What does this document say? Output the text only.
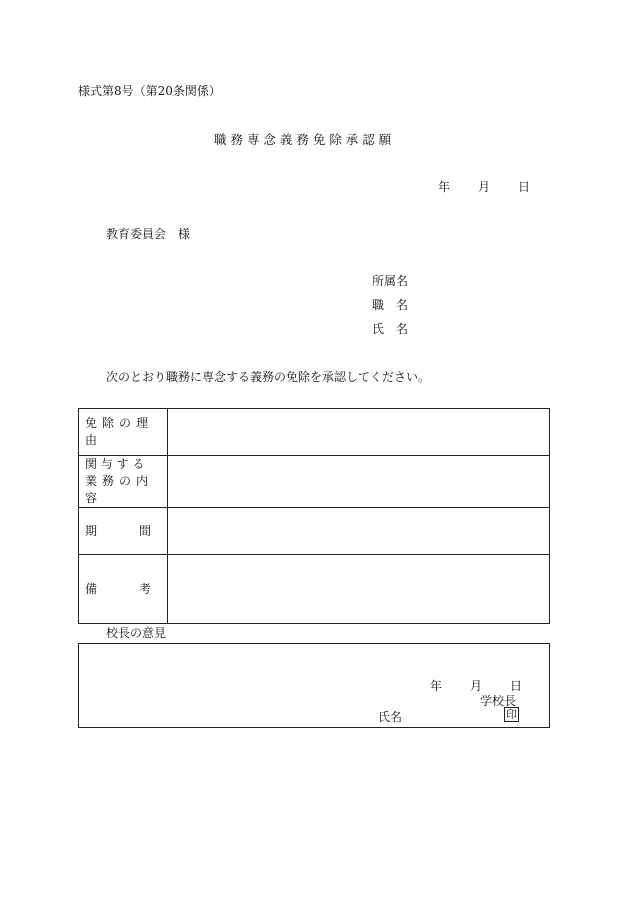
様式第8号（第20条関係）
職 務 専 念 義 務 免 除 承 認 願
年 月 日
教育委員会　様
所属名
職　名
氏　名
次のとおり職務に専念する義務の免除を承認してください。
免除の理由	

関 与 す る
業務の内容	

期 間	

備 考	

校長の意見
年 月 日
学校長
氏名	印
